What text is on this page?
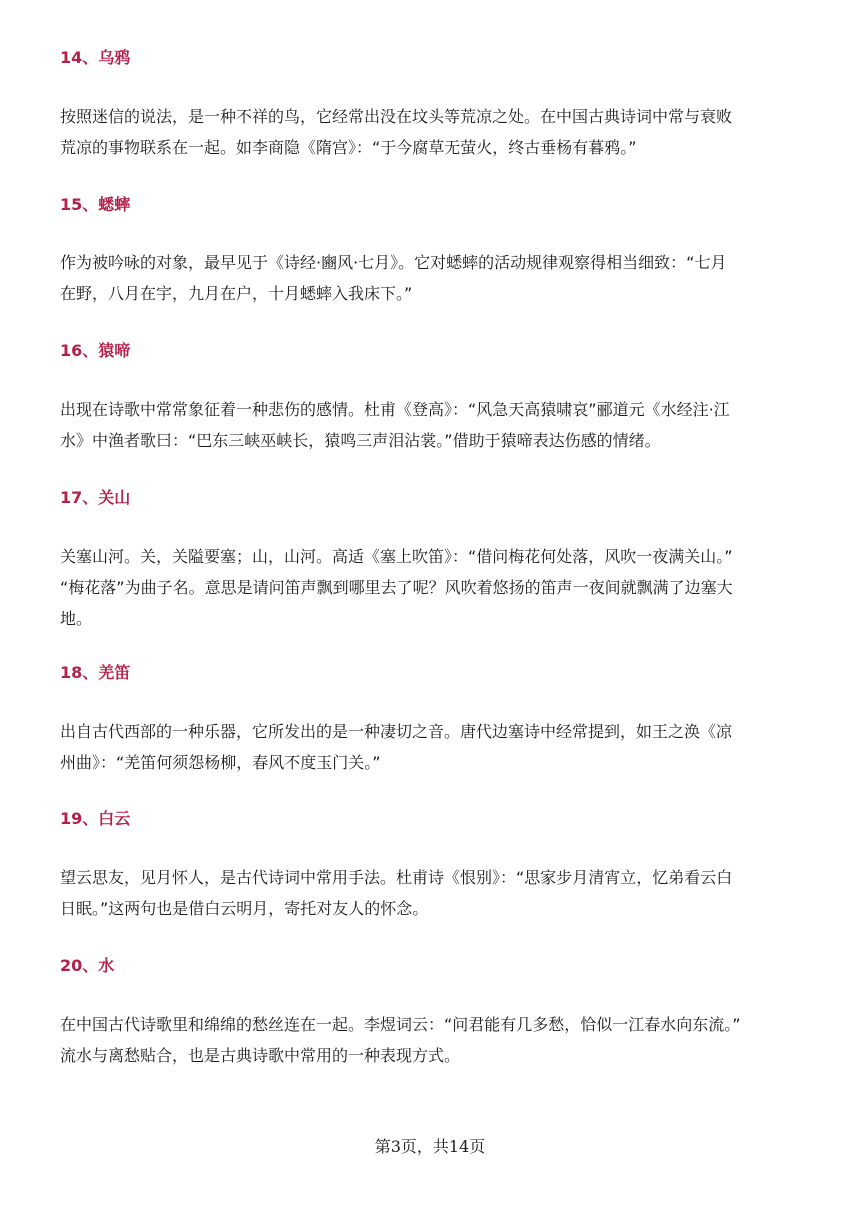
14、乌鸦
按照迷信的说法，是一种不祥的鸟，它经常出没在坟头等荒凉之处。在中国古典诗词中常与衰败
荒凉的事物联系在一起。如李商隐《隋宫》：“于今腐草无萤火，终古垂杨有暮鸦。”
15、蟋蟀
作为被吟咏的对象，最早见于《诗经·豳风·七月》。它对蟋蟀的活动规律观察得相当细致：“七月
在野，八月在宇，九月在户，十月蟋蟀入我床下。”
16、猿啼
出现在诗歌中常常象征着一种悲伤的感情。杜甫《登高》：“风急天高猿啸哀”郦道元《水经注·江
水》中渔者歌曰：“巴东三峡巫峡长，猿鸣三声泪沾裳。”借助于猿啼表达伤感的情绪。
17、关山
关塞山河。关，关隘要塞；山，山河。高适《塞上吹笛》：“借问梅花何处落，风吹一夜满关山。”
“梅花落”为曲子名。意思是请问笛声飘到哪里去了呢？风吹着悠扬的笛声一夜间就飘满了边塞大
地。
18、羌笛
出自古代西部的一种乐器，它所发出的是一种凄切之音。唐代边塞诗中经常提到，如王之涣《凉
州曲》：“羌笛何须怨杨柳，春风不度玉门关。”
19、白云
望云思友，见月怀人，是古代诗词中常用手法。杜甫诗《恨别》：“思家步月清宵立，忆弟看云白
日眠。”这两句也是借白云明月，寄托对友人的怀念。
20、水
在中国古代诗歌里和绵绵的愁丝连在一起。李煜词云：“问君能有几多愁，恰似一江春水向东流。”
流水与离愁贴合，也是古典诗歌中常用的一种表现方式。
第3页，共14页
